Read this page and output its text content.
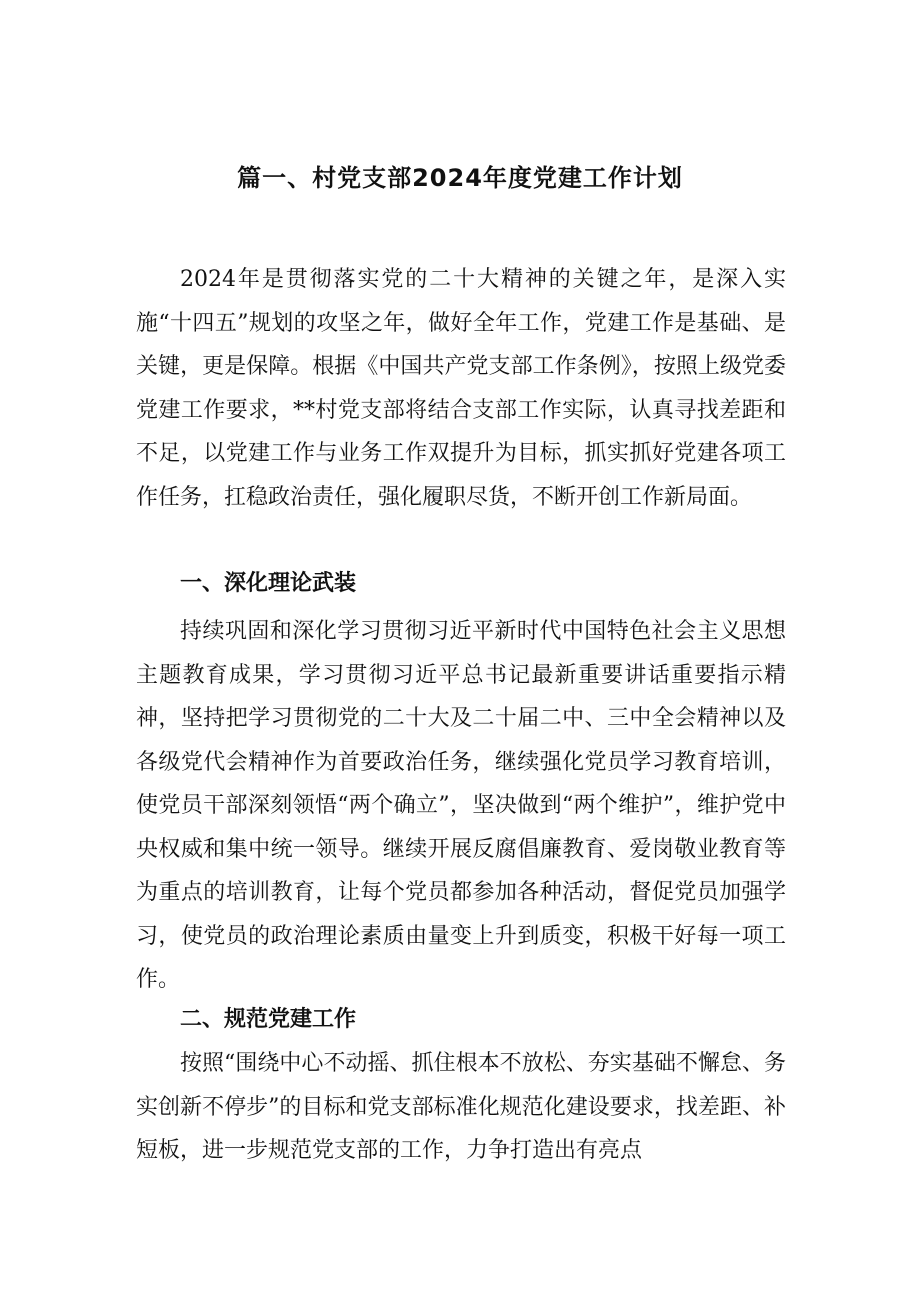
篇一、村党支部2024年度党建工作计划

2024年是贯彻落实党的二十大精神的关键之年，是深入实施“十四五”规划的攻坚之年，做好全年工作，党建工作是基础、是关键，更是保障。根据《中国共产党支部工作条例》，按照上级党委党建工作要求，**村党支部将结合支部工作实际，认真寻找差距和不足，以党建工作与业务工作双提升为目标，抓实抓好党建各项工作任务，扛稳政治责任，强化履职尽货，不断开创工作新局面。

一、深化理论武装

持续巩固和深化学习贯彻习近平新时代中国特色社会主义思想主题教育成果，学习贯彻习近平总书记最新重要讲话重要指示精神，坚持把学习贯彻党的二十大及二十届二中、三中全会精神以及各级党代会精神作为首要政治任务，继续强化党员学习教育培训，使党员干部深刻领悟“两个确立”，坚决做到“两个维护”，维护党中央权威和集中统一领导。继续开展反腐倡廉教育、爱岗敬业教育等为重点的培训教育，让每个党员都参加各种活动，督促党员加强学习，使党员的政治理论素质由量变上升到质变，积极干好每一项工作。

二、规范党建工作

按照“围绕中心不动摇、抓住根本不放松、夯实基础不懈怠、务实创新不停步”的目标和党支部标准化规范化建设要求，找差距、补短板，进一步规范党支部的工作，力争打造出有亮点
